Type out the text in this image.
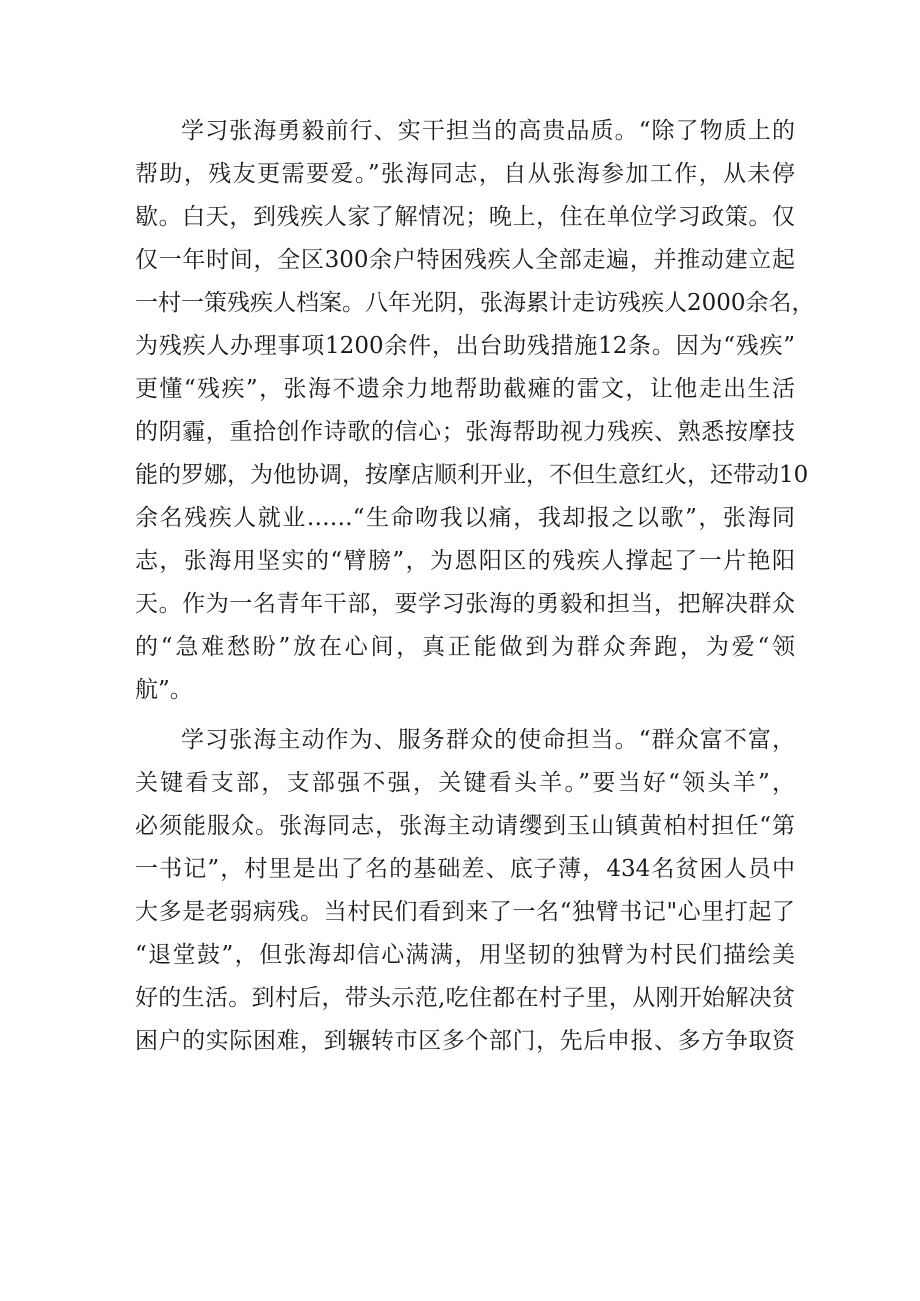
学习张海勇毅前行、实干担当的高贵品质。“除了物质上的
帮助，残友更需要爱。”张海同志，自从张海参加工作，从未停
歇。白天，到残疾人家了解情况；晚上，住在单位学习政策。仅
仅一年时间，全区300余户特困残疾人全部走遍，并推动建立起
一村一策残疾人档案。八年光阴，张海累计走访残疾人2000余名，
为残疾人办理事项1200余件，出台助残措施12条。因为“残疾”
更懂“残疾”，张海不遗余力地帮助截瘫的雷文，让他走出生活
的阴霾，重拾创作诗歌的信心；张海帮助视力残疾、熟悉按摩技
能的罗娜，为他协调，按摩店顺利开业，不但生意红火，还带动10
余名残疾人就业……“生命吻我以痛，我却报之以歌”，张海同
志，张海用坚实的“臂膀”，为恩阳区的残疾人撑起了一片艳阳
天。作为一名青年干部，要学习张海的勇毅和担当，把解决群众
的“急难愁盼”放在心间，真正能做到为群众奔跑，为爱“领
航”。

学习张海主动作为、服务群众的使命担当。“群众富不富，
关键看支部，支部强不强，关键看头羊。”要当好“领头羊”，
必须能服众。张海同志，张海主动请缨到玉山镇黄柏村担任“第
一书记”，村里是出了名的基础差、底子薄，434名贫困人员中
大多是老弱病残。当村民们看到来了一名“独臂书记"心里打起了
“退堂鼓”，但张海却信心满满，用坚韧的独臂为村民们描绘美
好的生活。到村后，带头示范,吃住都在村子里，从刚开始解决贫
困户的实际困难，到辗转市区多个部门，先后申报、多方争取资
